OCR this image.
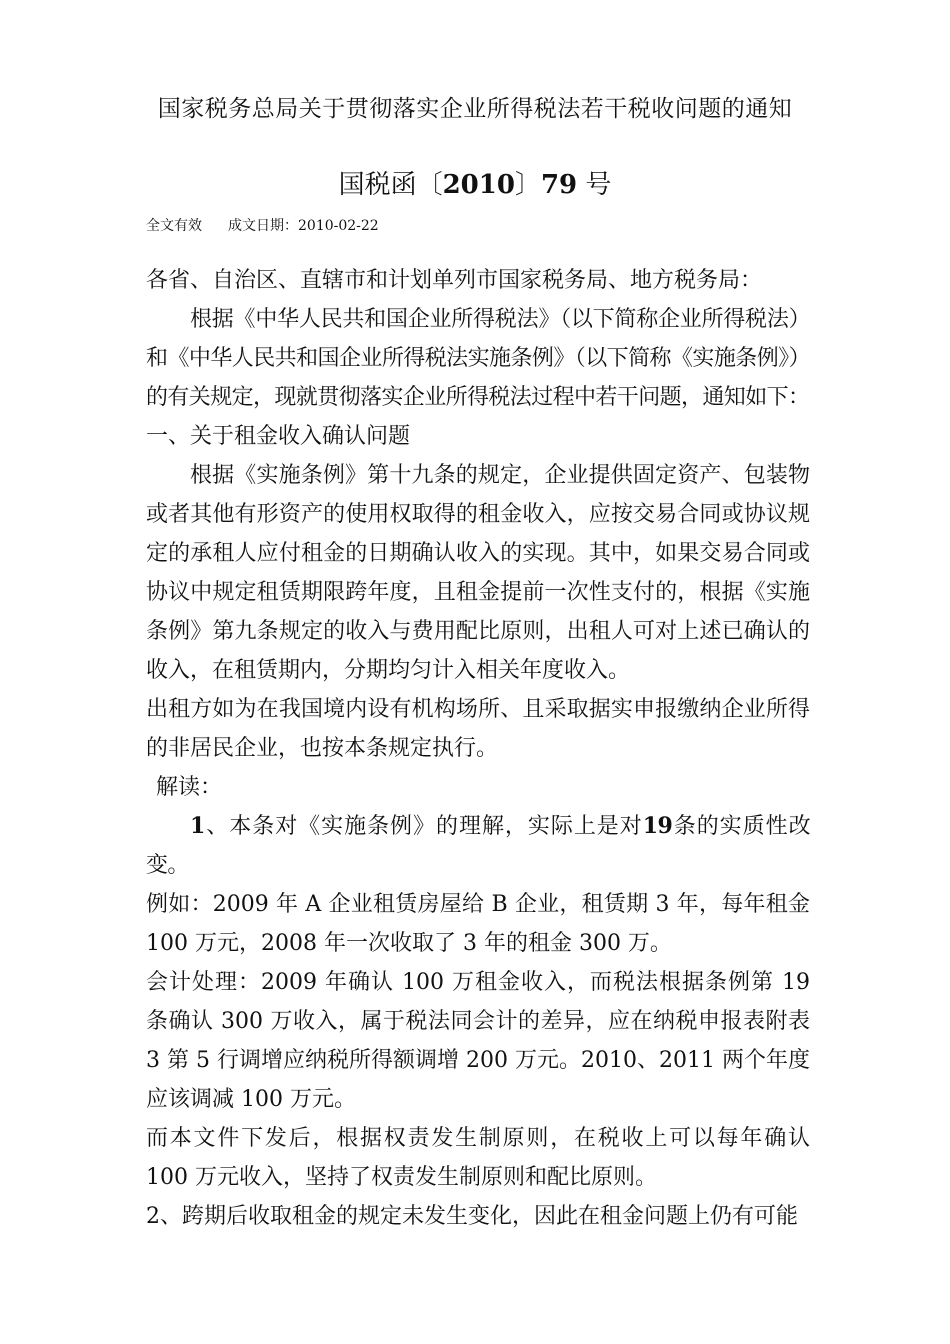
国家税务总局关于贯彻落实企业所得税法若干税收问题的通知
国税函〔2010〕79 号
全文有效 成文日期：2010-02-22

各省、自治区、直辖市和计划单列市国家税务局、地方税务局：

根据《中华人民共和国企业所得税法》（以下简称企业所得税法）和《中华人民共和国企业所得税法实施条例》（以下简称《实施条例》）的有关规定，现就贯彻落实企业所得税法过程中若干问题，通知如下：

一、关于租金收入确认问题

根据《实施条例》第十九条的规定，企业提供固定资产、包装物或者其他有形资产的使用权取得的租金收入，应按交易合同或协议规定的承租人应付租金的日期确认收入的实现。其中，如果交易合同或协议中规定租赁期限跨年度，且租金提前一次性支付的，根据《实施条例》第九条规定的收入与费用配比原则，出租人可对上述已确认的收入，在租赁期内，分期均匀计入相关年度收入。

出租方如为在我国境内设有机构场所、且采取据实申报缴纳企业所得的非居民企业，也按本条规定执行。

解读：

1、本条对《实施条例》的理解，实际上是对19条的实质性改变。

例如：2009 年 A 企业租赁房屋给 B 企业，租赁期 3 年，每年租金 100 万元，2008 年一次收取了 3 年的租金 300 万。

会计处理：2009 年确认 100 万租金收入，而税法根据条例第 19 条确认 300 万收入，属于税法同会计的差异，应在纳税申报表附表 3 第 5 行调增应纳税所得额调增 200 万元。2010、2011 两个年度应该调减 100 万元。

而本文件下发后，根据权责发生制原则，在税收上可以每年确认 100 万元收入，坚持了权责发生制原则和配比原则。

2、跨期后收取租金的规定未发生变化，因此在租金问题上仍有可能
